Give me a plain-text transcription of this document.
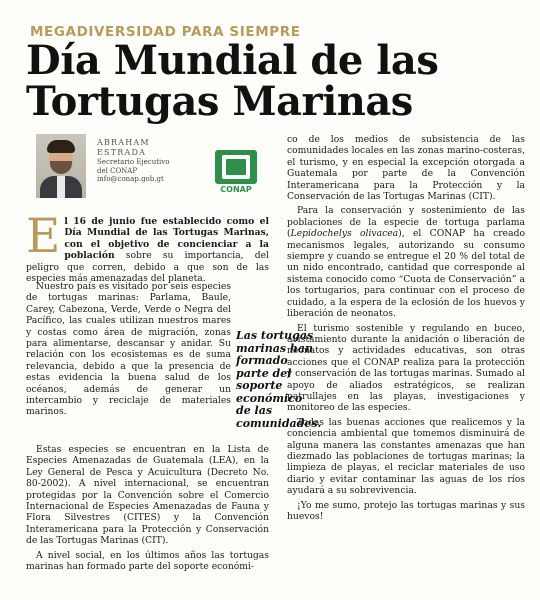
MEGADIVERSIDAD PARA SIEMPRE
Día Mundial de las
Tortugas Marinas
ABRAHAM
ESTRADA
Secretario Ejecutivo
del CONAP
info@conap.gob.gt
CONAP
E l 16 de junio fue establecido como el Día Mundial de las Tortugas Marinas, con el objetivo de concienciar a la población sobre su importancia, del peligro que corren, debido a que son de las especies más amenazadas del planeta.

Nuestro país es visitado por seis especies de tortugas marinas: Parlama, Baule, Carey, Cabezona, Verde, Verde o Negra del Pacífico, las cuales utilizan nuestros mares y costas como área de migración, zonas para alimentarse, descansar y anidar. Su relación con los ecosistemas es de suma relevancia, debido a que la presencia de estas evidencia la buena salud de los océanos, además de generar un intercambio y reciclaje de materiales marinos.

Las tortugas marinas han formado parte del soporte económico de las comunidades.

Estas especies se encuentran en la Lista de Especies Amenazadas de Guatemala (LEA), en la Ley General de Pesca y Acuicultura (Decreto No. 80-2002). A nivel internacional, se encuentran protegidas por la Convención sobre el Comercio Internacional de Especies Amenazadas de Fauna y Flora Silvestres (CITES) y la Convención Interamericana para la Protección y Conservación de las Tortugas Marinas (CIT).

A nivel social, en los últimos años las tortugas marinas han formado parte del soporte económi-

co de los medios de subsistencia de las comunidades locales en las zonas marino-costeras, el turismo, y en especial la excepción otorgada a Guatemala por parte de la Convención Interamericana para la Protección y la Conservación de las Tortugas Marinas (CIT).

Para la conservación y sostenimiento de las poblaciones de la especie de tortuga parlama (Lepidochelys olivacea), el CONAP ha creado mecanismos legales, autorizando su consumo siempre y cuando se entregue el 20 % del total de un nido encontrado, cantidad que corresponde al sistema conocido como “Cuota de Conservación” a los tortugarios, para continuar con el proceso de cuidado, a la espera de la eclosión de los huevos y liberación de neonatos.

El turismo sostenible y regulando en buceo, avistamiento durante la anidación o liberación de neonatos y actividades educativas, son otras acciones que el CONAP realiza para la protección y conservación de las tortugas marinas. Sumado al apoyo de aliados estratégicos, se realizan patrullajes en las playas, investigaciones y monitoreo de las especies.

Todas las buenas acciones que realicemos y la conciencia ambiental que tomemos disminuirá de alguna manera las constantes amenazas que han diezmado las poblaciones de tortugas marinas; la limpieza de playas, el reciclar materiales de uso diario y evitar contaminar las aguas de los ríos ayudará a su sobrevivencia.

¡Yo me sumo, protejo las tortugas marinas y sus huevos!
